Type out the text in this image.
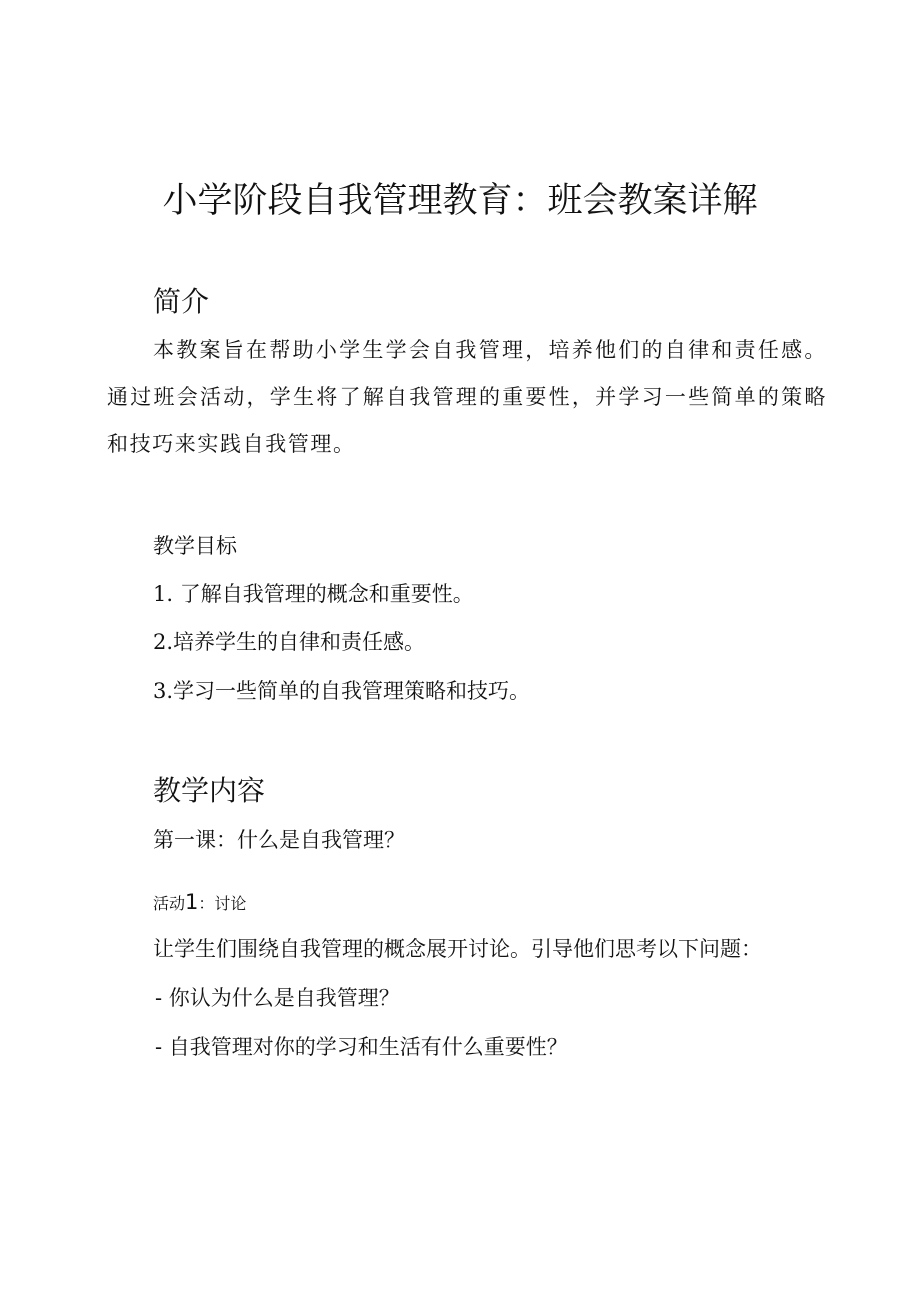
小学阶段自我管理教育：班会教案详解
简介

本教案旨在帮助小学生学会自我管理，培养他们的自律和责任感。通过班会活动，学生将了解自我管理的重要性，并学习一些简单的策略和技巧来实践自我管理。

教学目标

1. 了解自我管理的概念和重要性。

2.培养学生的自律和责任感。

3.学习一些简单的自我管理策略和技巧。

教学内容
第一课：什么是自我管理？

活动1：讨论

让学生们围绕自我管理的概念展开讨论。引导他们思考以下问题：

- 你认为什么是自我管理？

- 自我管理对你的学习和生活有什么重要性？
